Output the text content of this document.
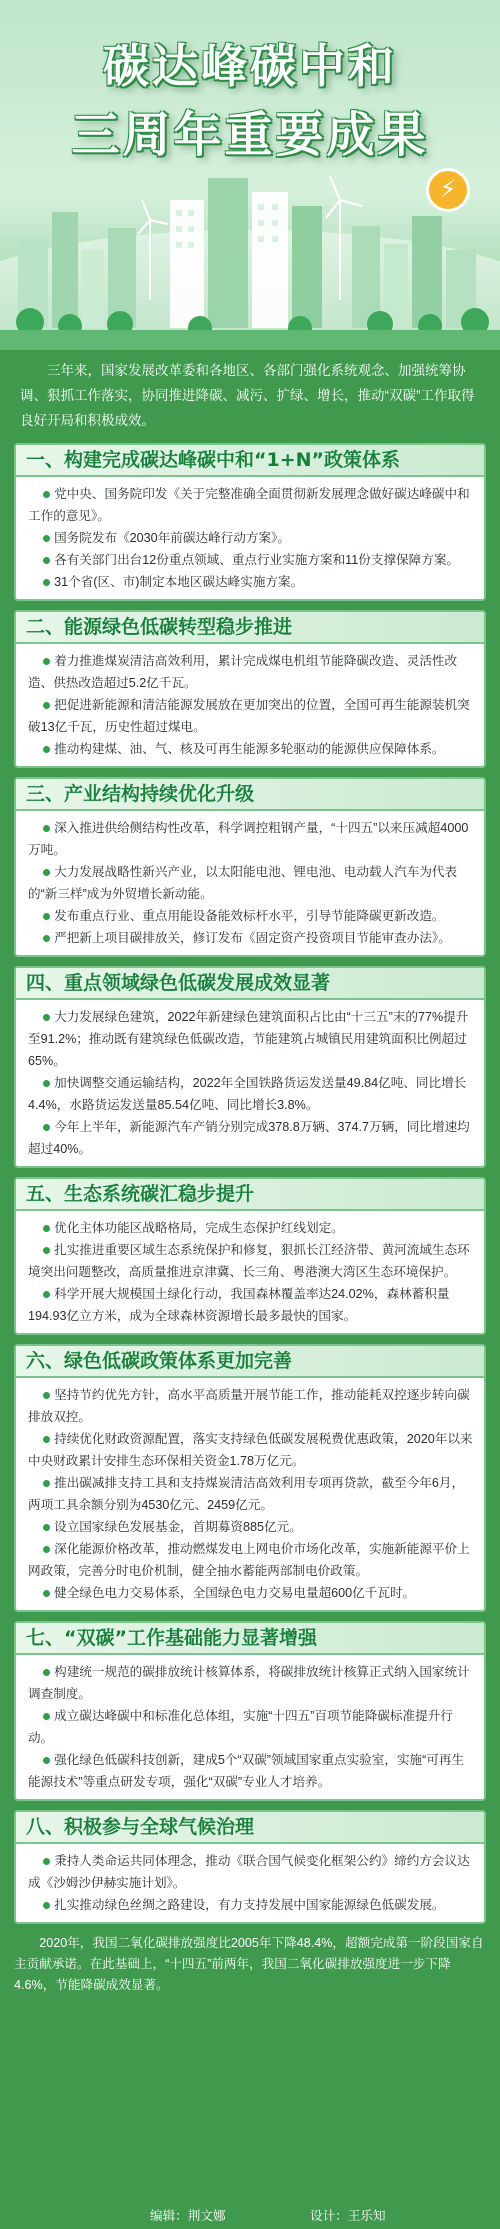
碳达峰碳中和
三周年重要成果
⚡
三年来，国家发展改革委和各地区、各部门强化系统观念、加强统筹协调、狠抓工作落实，协同推进降碳、减污、扩绿、增长，推动“双碳”工作取得良好开局和积极成效。
一、构建完成碳达峰碳中和“1+N”政策体系

党中央、国务院印发《关于完整准确全面贯彻新发展理念做好碳达峰碳中和工作的意见》。

国务院发布《2030年前碳达峰行动方案》。

各有关部门出台12份重点领域、重点行业实施方案和11份支撑保障方案。

31个省(区、市)制定本地区碳达峰实施方案。

二、能源绿色低碳转型稳步推进

着力推進煤炭清洁高效利用，累计完成煤电机组节能降碳改造、灵活性改造、供热改造超过5.2亿千瓦。

把促进新能源和清洁能源发展放在更加突出的位置，全国可再生能源装机突破13亿千瓦，历史性超过煤电。

推动构建煤、油、气、核及可再生能源多轮驱动的能源供应保障体系。

三、产业结构持续优化升级

深入推进供给侧结构性改革，科学调控粗钢产量，“十四五”以来压减超4000万吨。

大力发展战略性新兴产业，以太阳能电池、锂电池、电动载人汽车为代表的“新三样”成为外贸增长新动能。

发布重点行业、重点用能设备能效标杆水平，引导节能降碳更新改造。

严把新上项目碳排放关，修订发布《固定资产投资项目节能审查办法》。

四、重点领域绿色低碳发展成效显著

大力发展绿色建筑，2022年新建绿色建筑面积占比由“十三五”末的77%提升至91.2%；推动既有建筑绿色低碳改造，节能建筑占城镇民用建筑面积比例超过65%。

加快调整交通运输结构，2022年全国铁路货运发送量49.84亿吨、同比增长4.4%，水路货运发送量85.54亿吨、同比增长3.8%。

今年上半年，新能源汽车产销分别完成378.8万辆、374.7万辆，同比增速均超过40%。

五、生态系统碳汇稳步提升

优化主体功能区战略格局，完成生态保护红线划定。

扎实推进重要区域生态系统保护和修复，狠抓长江经济带、黄河流域生态环境突出问题整改，高质量推进京津冀、长三角、粤港澳大湾区生态环境保护。

科学开展大规模国土绿化行动，我国森林覆盖率达24.02%，森林蓄积量194.93亿立方米，成为全球森林资源增长最多最快的国家。

六、绿色低碳政策体系更加完善

坚持节约优先方针，高水平高质量开展节能工作，推动能耗双控逐步转向碳排放双控。

持续优化财政资源配置，落实支持绿色低碳发展税费优惠政策，2020年以来中央财政累计安排生态环保相关资金1.78万亿元。

推出碳减排支持工具和支持煤炭清洁高效利用专项再贷款，截至今年6月，两项工具余额分别为4530亿元、2459亿元。

设立国家绿色发展基金，首期募资885亿元。

深化能源价格改革，推动燃煤发电上网电价市场化改革，实施新能源平价上网政策，完善分时电价机制，健全抽水蓄能两部制电价政策。

健全绿色电力交易体系，全国绿色电力交易电量超600亿千瓦时。

七、“双碳”工作基础能力显著增强

构建统一规范的碳排放统计核算体系，将碳排放统计核算正式纳入国家统计调查制度。

成立碳达峰碳中和标准化总体组，实施“十四五”百项节能降碳标准提升行动。

强化绿色低碳科技创新，建成5个“双碳”领域国家重点实验室，实施“可再生能源技术”等重点研发专项，强化“双碳”专业人才培养。

八、积极参与全球气候治理

秉持人类命运共同体理念，推动《联合国气候变化框架公约》缔约方会议达成《沙姆沙伊赫实施计划》。

扎实推动绿色丝绸之路建设，有力支持发展中国家能源绿色低碳发展。

2020年，我国二氧化碳排放强度比2005年下降48.4%，超额完成第一阶段国家自主贡献承诺。在此基础上，“十四五”前两年，我国二氧化碳排放强度进一步下降4.6%，节能降碳成效显著。
编辑：荆文娜	设计：王乐知
